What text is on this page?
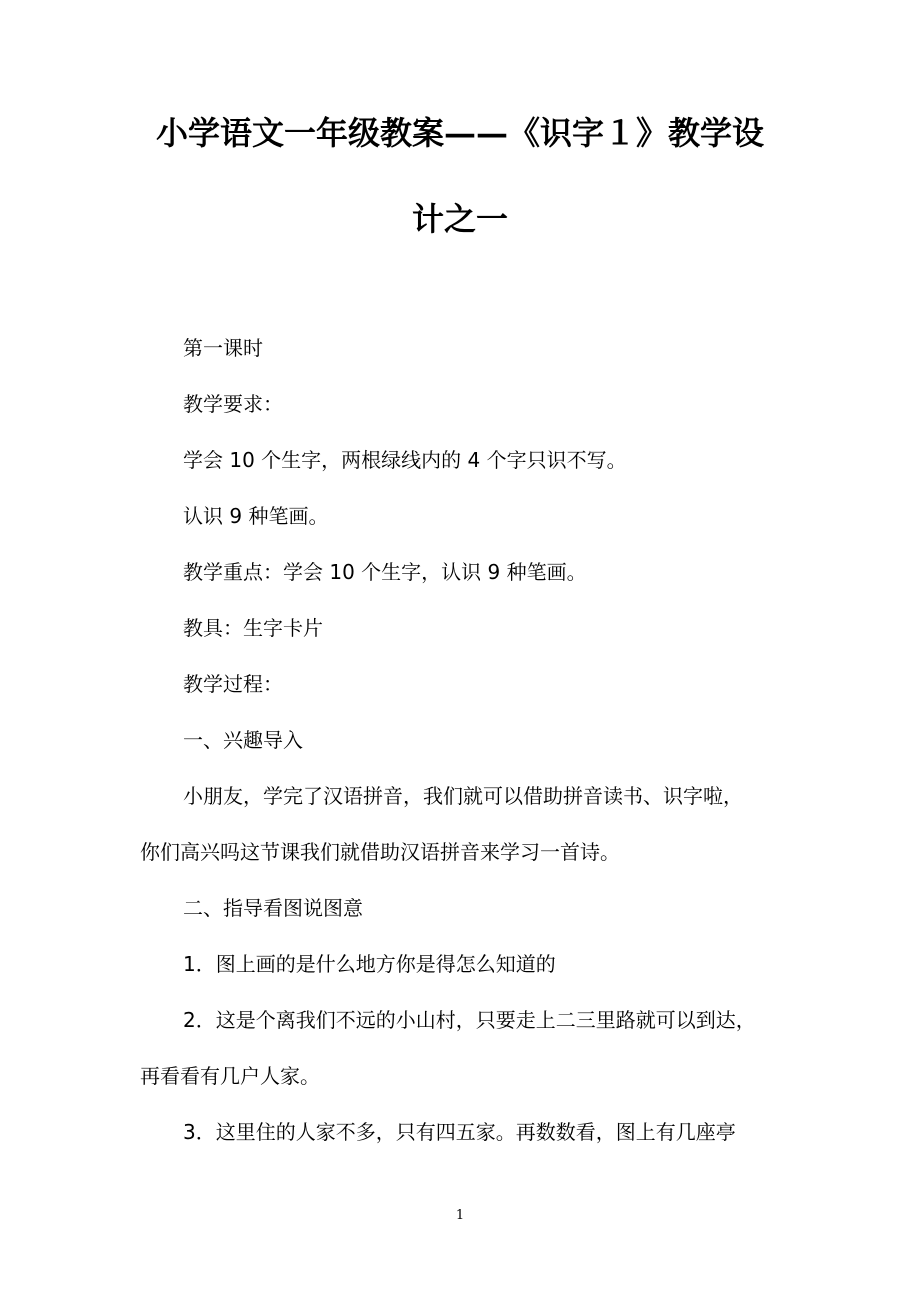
小学语文一年级教案——《识字１》教学设
计之一
第一课时
教学要求：
学会 10 个生字，两根绿线内的 4 个字只识不写。
认识 9 种笔画。
教学重点：学会 10 个生字，认识 9 种笔画。
教具：生字卡片
教学过程：
一、兴趣导入
小朋友，学完了汉语拼音，我们就可以借助拼音读书、识字啦，
你们高兴吗这节课我们就借助汉语拼音来学习一首诗。
二、指导看图说图意
1．图上画的是什么地方你是得怎么知道的
2．这是个离我们不远的小山村，只要走上二三里路就可以到达，
再看看有几户人家。
3．这里住的人家不多，只有四五家。再数数看，图上有几座亭
1
